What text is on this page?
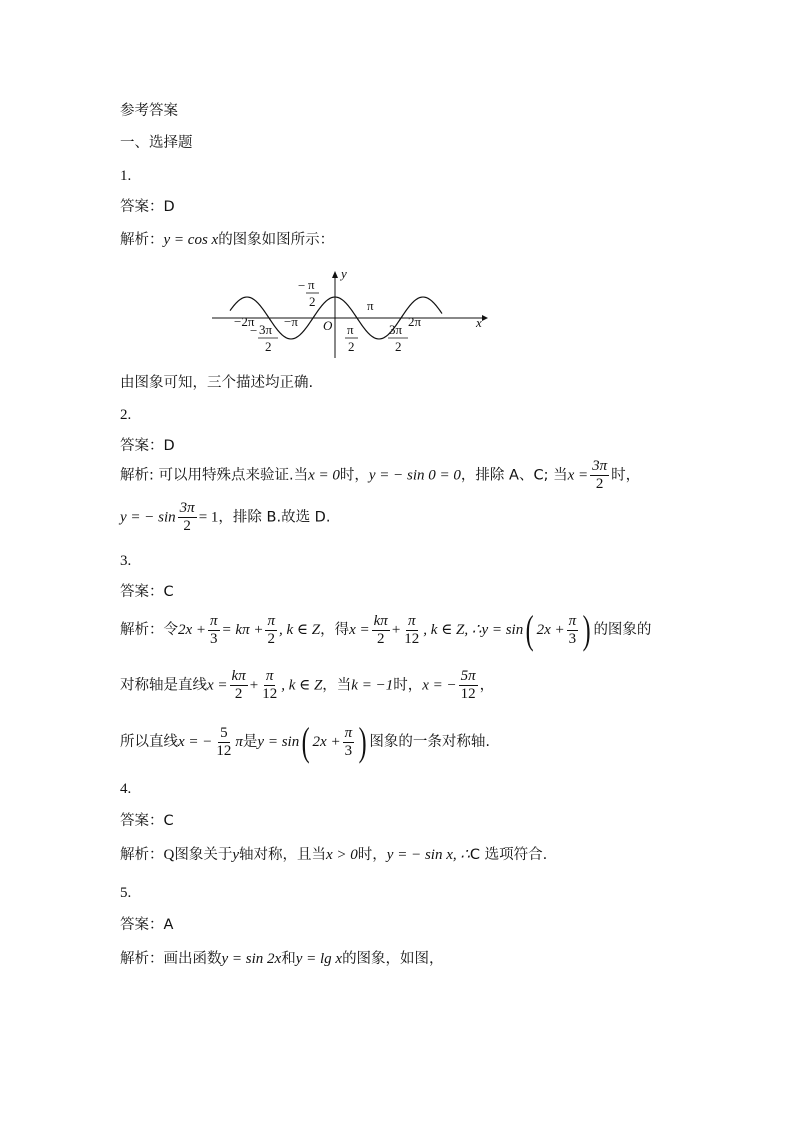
参考答案
一、选择题
1.
答案：D
解析：y = cos x的图象如图所示：
y
x
O
−2π −π	2π
π
− π
2
− 3π
2
π
2
3π
2
由图象可知，三个描述均正确.
2.
答案：D
解析: 可以用特殊点来验证.当x = 0时，y = − sin 0 = 0，排除 A、C; 当$x = \frac{3\pi}{2}$ 时，
y = − $\sin \frac{3\pi}{2} = 1$，排除 B.故选 D.
3.
答案：C
解析：令$2x + \frac{\pi}{3} = k\pi + \frac{\pi}{2}$ , k ∈ Z，得$x = \frac{k\pi}{2} + \frac{\pi}{12}$ , k ∈ Z, ∴y = sin ( $2x + \frac{\pi}{3}$ ) 的图象的
对称轴是直线$x = \frac{k\pi}{2} + \frac{\pi}{12}$ , k ∈ Z，当k = −1时，x = − $\frac{5\pi}{12}$ ，
所以直线x = − $\frac{5}{12}$ π是y = sin ( $2x + \frac{\pi}{3}$ ) 图象的一条对称轴.
4.
答案：C
解析：Q图象关于y轴对称，且当x > 0时，y = − sin x, ∴C 选项符合.
5.
答案：A
解析：画出函数y = sin 2x和y = lg x的图象，如图，
